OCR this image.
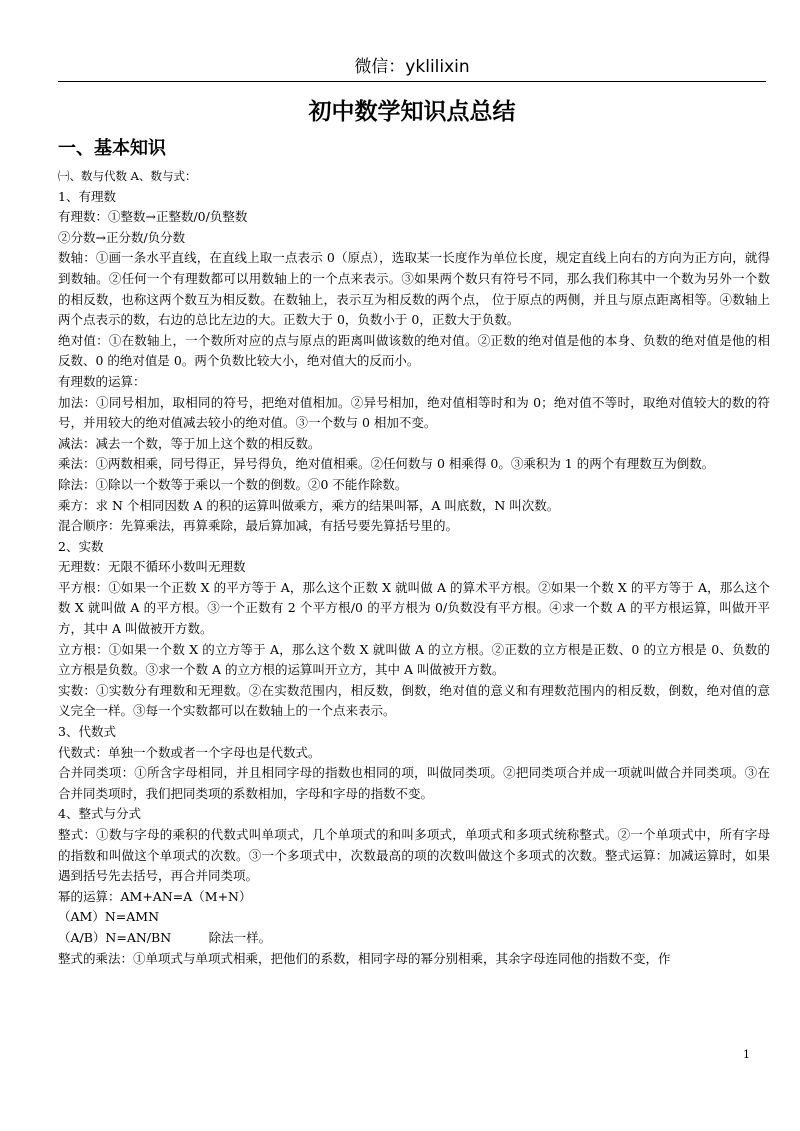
微信：yklilixin
初中数学知识点总结
一、基本知识

㈠、数与代数 A、数与式：

1、有理数

有理数：①整数→正整数/0/负整数

②分数→正分数/负分数

数轴：①画一条水平直线，在直线上取一点表示 0（原点），选取某一长度作为单位长度，规定直线上向右的方向为正方向，就得到数轴。②任何一个有理数都可以用数轴上的一个点来表示。③如果两个数只有符号不同，那么我们称其中一个数为另外一个数的相反数，也称这两个数互为相反数。在数轴上，表示互为相反数的两个点， 位于原点的两侧，并且与原点距离相等。④数轴上两个点表示的数，右边的总比左边的大。正数大于 0，负数小于 0，正数大于负数。

绝对值：①在数轴上，一个数所对应的点与原点的距离叫做该数的绝对值。②正数的绝对值是他的本身、负数的绝对值是他的相反数、0 的绝对值是 0。两个负数比较大小，绝对值大的反而小。

有理数的运算：

加法：①同号相加，取相同的符号，把绝对值相加。②异号相加，绝对值相等时和为 0；绝对值不等时，取绝对值较大的数的符号，并用较大的绝对值减去较小的绝对值。③一个数与 0 相加不变。

减法：减去一个数，等于加上这个数的相反数。

乘法：①两数相乘，同号得正，异号得负，绝对值相乘。②任何数与 0 相乘得 0。③乘积为 1 的两个有理数互为倒数。

除法：①除以一个数等于乘以一个数的倒数。②0 不能作除数。

乘方：求 N 个相同因数 A 的积的运算叫做乘方，乘方的结果叫幂，A 叫底数，N 叫次数。

混合顺序：先算乘法，再算乘除，最后算加减，有括号要先算括号里的。

2、实数

无理数：无限不循环小数叫无理数

平方根：①如果一个正数 X 的平方等于 A，那么这个正数 X 就叫做 A 的算术平方根。②如果一个数 X 的平方等于 A，那么这个数 X 就叫做 A 的平方根。③一个正数有 2 个平方根/0 的平方根为 0/负数没有平方根。④求一个数 A 的平方根运算，叫做开平方，其中 A 叫做被开方数。

立方根：①如果一个数 X 的立方等于 A，那么这个数 X 就叫做 A 的立方根。②正数的立方根是正数、0 的立方根是 0、负数的立方根是负数。③求一个数 A 的立方根的运算叫开立方，其中 A 叫做被开方数。

实数：①实数分有理数和无理数。②在实数范围内，相反数，倒数，绝对值的意义和有理数范围内的相反数，倒数，绝对值的意义完全一样。③每一个实数都可以在数轴上的一个点来表示。

3、代数式

代数式：单独一个数或者一个字母也是代数式。

合并同类项：①所含字母相同，并且相同字母的指数也相同的项，叫做同类项。②把同类项合并成一项就叫做合并同类项。③在合并同类项时，我们把同类项的系数相加，字母和字母的指数不变。

4、整式与分式

整式：①数与字母的乘积的代数式叫单项式，几个单项式的和叫多项式，单项式和多项式统称整式。②一个单项式中，所有字母的指数和叫做这个单项式的次数。③一个多项式中，次数最高的项的次数叫做这个多项式的次数。整式运算：加减运算时，如果遇到括号先去括号，再合并同类项。

幂的运算：AM+AN=A（M+N）

（AM）N=AMN

（A/B）N=AN/BN　　　除法一样。

整式的乘法：①单项式与单项式相乘，把他们的系数，相同字母的幂分别相乘，其余字母连同他的指数不变，作

1
